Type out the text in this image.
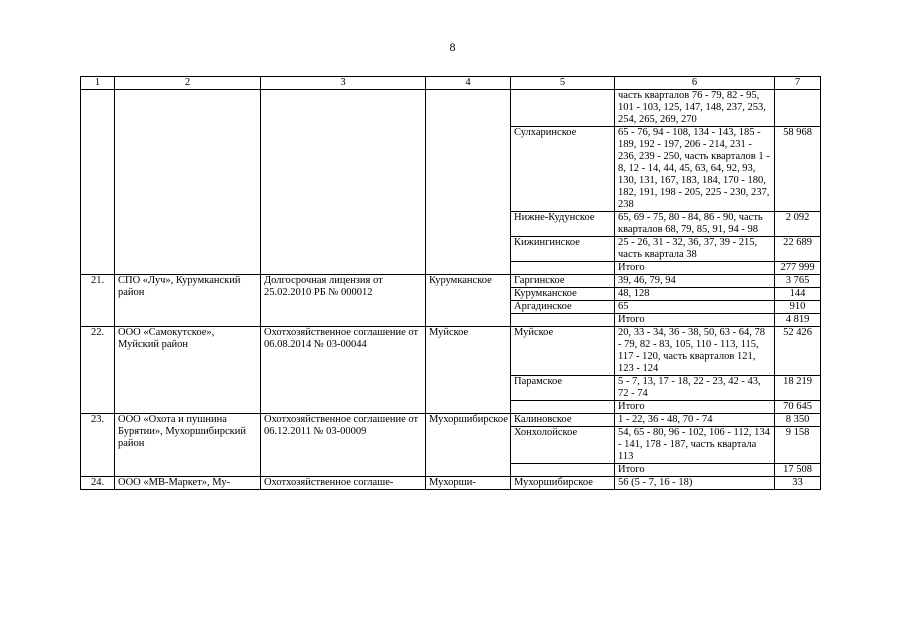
8
1	2	3	4	5	6	7
					часть кварталов 76 - 79, 82 - 95, 101 - 103, 125, 147, 148, 237, 253, 254, 265, 269, 270	
				Сулхаринское	65 - 76, 94 - 108, 134 - 143, 185 - 189, 192 - 197, 206 - 214, 231 - 236, 239 - 250, часть кварталов 1 - 8, 12 - 14, 44, 45, 63, 64, 92, 93, 130, 131, 167, 183, 184, 170 - 180, 182, 191, 198 - 205, 225 - 230, 237, 238	58 968
				Нижне-Кудунское	65, 69 - 75, 80 - 84, 86 - 90, часть кварталов 68, 79, 85, 91, 94 - 98	2 092
				Кижингинское	25 - 26, 31 - 32, 36, 37, 39 - 215, часть квартала 38	22 689
					Итого	277 999
21.	СПО «Луч», Курумканский район	Долгосрочная лицензия от 25.02.2010 РБ № 000012	Курумканское	Гаргинское	39, 46, 79, 94	3 765
				Курумканское	48, 128	144
				Аргадинское	65	910
					Итого	4 819
22.	ООО «Самокутское», Муйский район	Охотхозяйственное соглашение от 06.08.2014 № 03-00044	Муйское	Муйское	20, 33 - 34, 36 - 38, 50, 63 - 64, 78 - 79, 82 - 83, 105, 110 - 113, 115, 117 - 120, часть кварталов 121, 123 - 124	52 426
				Парамское	5 - 7, 13, 17 - 18, 22 - 23, 42 - 43, 72 - 74	18 219
					Итого	70 645
23.	ООО «Охота и пушнина Бурятии», Мухоршибирский район	Охотхозяйственное соглашение от 06.12.2011 № 03-00009	Мухоршибирское	Калиновское	1 - 22, 36 - 48, 70 - 74	8 350
				Хонхолойское	54, 65 - 80, 96 - 102, 106 - 112, 134 - 141, 178 - 187, часть квартала 113	9 158
					Итого	17 508
24.	ООО «МВ-Маркет», Му-	Охотхозяйственное соглаше-	Мухорши-	Мухоршибирское	56 (5 - 7, 16 - 18)	33
